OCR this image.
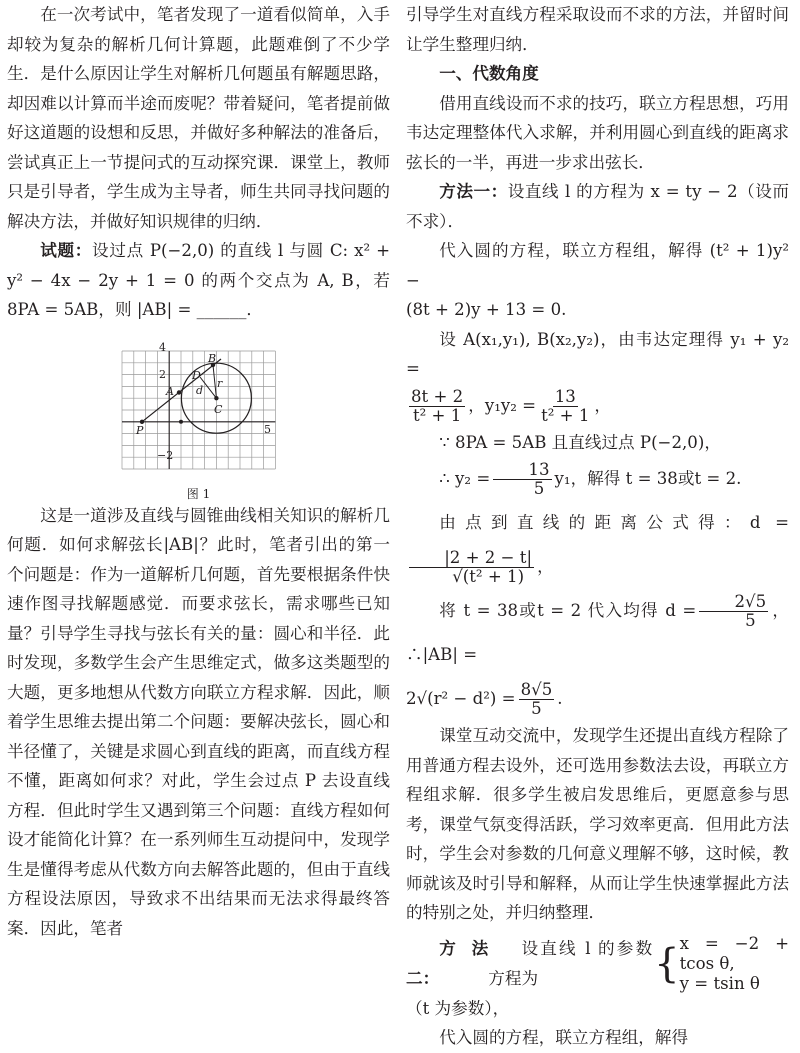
在一次考试中，笔者发现了一道看似简单，入手却较为复杂的解析几何计算题，此题难倒了不少学生．是什么原因让学生对解析几何题虽有解题思路，却因难以计算而半途而废呢？带着疑问，笔者提前做好这道题的设想和反思，并做好多种解法的准备后，尝试真正上一节提问式的互动探究课．课堂上，教师只是引导者，学生成为主导者，师生共同寻找问题的解决方法，并做好知识规律的归纳．

试题：设过点 P(−2,0) 的直线 l 与圆 C: x² + y² − 4x − 2y + 1 = 0 的两个交点为 A, B，若 8PA = 5AB，则 |AB| = ______．

4
2
−2
5
A
B
D
C
P
d
r

图 1

这是一道涉及直线与圆锥曲线相关知识的解析几何题．如何求解弦长|AB|？此时，笔者引出的第一个问题是：作为一道解析几何题，首先要根据条件快速作图寻找解题感觉．而要求弦长，需求哪些已知量？引导学生寻找与弦长有关的量：圆心和半径．此时发现，多数学生会产生思维定式，做多这类题型的大题，更多地想从代数方向联立方程求解．因此，顺着学生思维去提出第二个问题：要解决弦长，圆心和半径懂了，关键是求圆心到直线的距离，而直线方程不懂，距离如何求？对此，学生会过点 P 去设直线方程．但此时学生又遇到第三个问题：直线方程如何设才能简化计算？在一系列师生互动提问中，发现学生是懂得考虑从代数方向去解答此题的，但由于直线方程设法原因，导致求不出结果而无法求得最终答案．因此，笔者

引导学生对直线方程采取设而不求的方法，并留时间让学生整理归纳．

一、代数角度

借用直线设而不求的技巧，联立方程思想，巧用韦达定理整体代入求解，并利用圆心到直线的距离求弦长的一半，再进一步求出弦长．

方法一：设直线 l 的方程为 x = ty − 2（设而不求）．

代入圆的方程，联立方程组，解得 (t² + 1)y² −

(8t + 2)y + 13 = 0.

设 A(x₁,y₁), B(x₂,y₂)，由韦达定理得 y₁ + y₂ =

$\frac{8t + 2}{\text{t² + 1}}$ ，$y_1y_2 = \frac{13}{\text{t² + 1}}$ ，

∵ 8PA = 5AB 且直线过点 P(−2,0)，

∴ $y_2 = \frac{13}{5} y_1$，解得 t = 38或t = 2.

由点到直线的距离公式得：d =
$\frac{|2 + 2 - t|}{\text{√(t² + 1)}}$ ，

将 t = 38或t = 2 代入均得 $d = \frac{2√5}{5}$ ，∴|AB| =

$2√(r^2 - d^2) = \frac{8√5}{5}$ .

课堂互动交流中，发现学生还提出直线方程除了用普通方程去设外，还可选用参数法去设，再联立方程组求解．很多学生被启发思维后，更愿意参与思考，课堂气氛变得活跃，学习效率更高．但用此方法时，学生会对参数的几何意义理解不够，这时候，教师就该及时引导和解释，从而让学生快速掌握此方法的特别之处，并归纳整理．

方法二：
设直线 l 的参数方程为	{ x = −2 + tcos θ,
y = tsin θ

（t 为参数），

代入圆的方程，联立方程组，解得
